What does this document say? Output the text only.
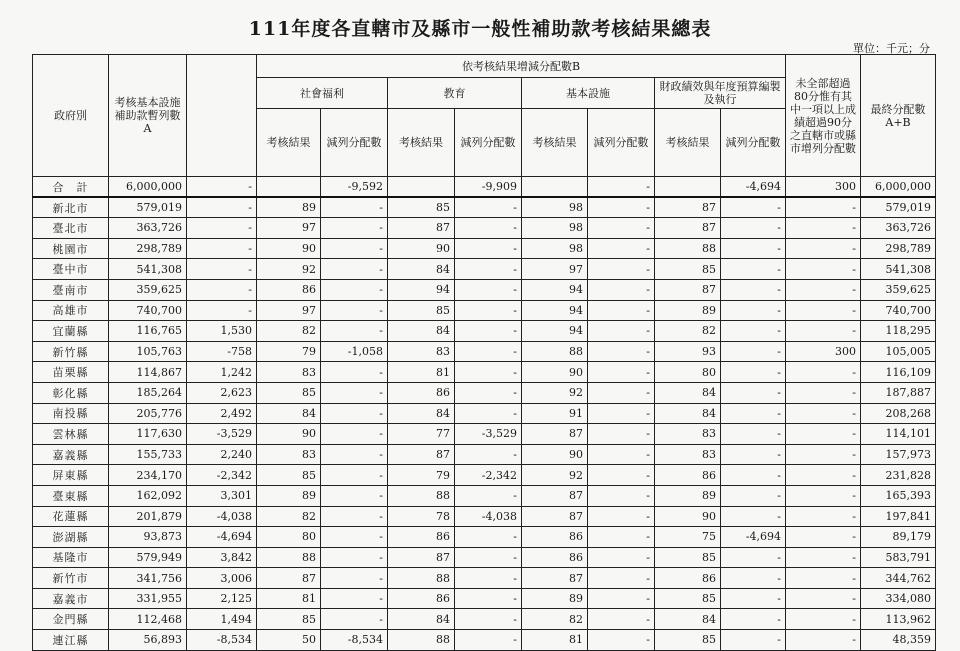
111年度各直轄市及縣市一般性補助款考核結果總表
單位：千元；分
政府別	考核基本設施補助款暫列數A		依考核結果增減分配數B								未全部超過80分惟有其中一項以上成績超過90分之直轄市或縣市增列分配數	最終分配數A+B
			社會福利		教育		基本設施		財政績效與年度預算編製及執行			
			考核結果	減列分配數	考核結果	減列分配數	考核結果	減列分配數	考核結果	減列分配數		
合　計	6,000,000	-		-9,592		-9,909		-		-4,694	300	6,000,000
新北市	579,019	-	89	-	85	-	98	-	87	-	-	579,019
臺北市	363,726	-	97	-	87	-	98	-	87	-	-	363,726
桃園市	298,789	-	90	-	90	-	98	-	88	-	-	298,789
臺中市	541,308	-	92	-	84	-	97	-	85	-	-	541,308
臺南市	359,625	-	86	-	94	-	94	-	87	-	-	359,625
高雄市	740,700	-	97	-	85	-	94	-	89	-	-	740,700
宜蘭縣	116,765	1,530	82	-	84	-	94	-	82	-	-	118,295
新竹縣	105,763	-758	79	-1,058	83	-	88	-	93	-	300	105,005
苗栗縣	114,867	1,242	83	-	81	-	90	-	80	-	-	116,109
彰化縣	185,264	2,623	85	-	86	-	92	-	84	-	-	187,887
南投縣	205,776	2,492	84	-	84	-	91	-	84	-	-	208,268
雲林縣	117,630	-3,529	90	-	77	-3,529	87	-	83	-	-	114,101
嘉義縣	155,733	2,240	83	-	87	-	90	-	83	-	-	157,973
屏東縣	234,170	-2,342	85	-	79	-2,342	92	-	86	-	-	231,828
臺東縣	162,092	3,301	89	-	88	-	87	-	89	-	-	165,393
花蓮縣	201,879	-4,038	82	-	78	-4,038	87	-	90	-	-	197,841
澎湖縣	93,873	-4,694	80	-	86	-	86	-	75	-4,694	-	89,179
基隆市	579,949	3,842	88	-	87	-	86	-	85	-	-	583,791
新竹市	341,756	3,006	87	-	88	-	87	-	86	-	-	344,762
嘉義市	331,955	2,125	81	-	86	-	89	-	85	-	-	334,080
金門縣	112,468	1,494	85	-	84	-	82	-	84	-	-	113,962
連江縣	56,893	-8,534	50	-8,534	88	-	81	-	85	-	-	48,359
